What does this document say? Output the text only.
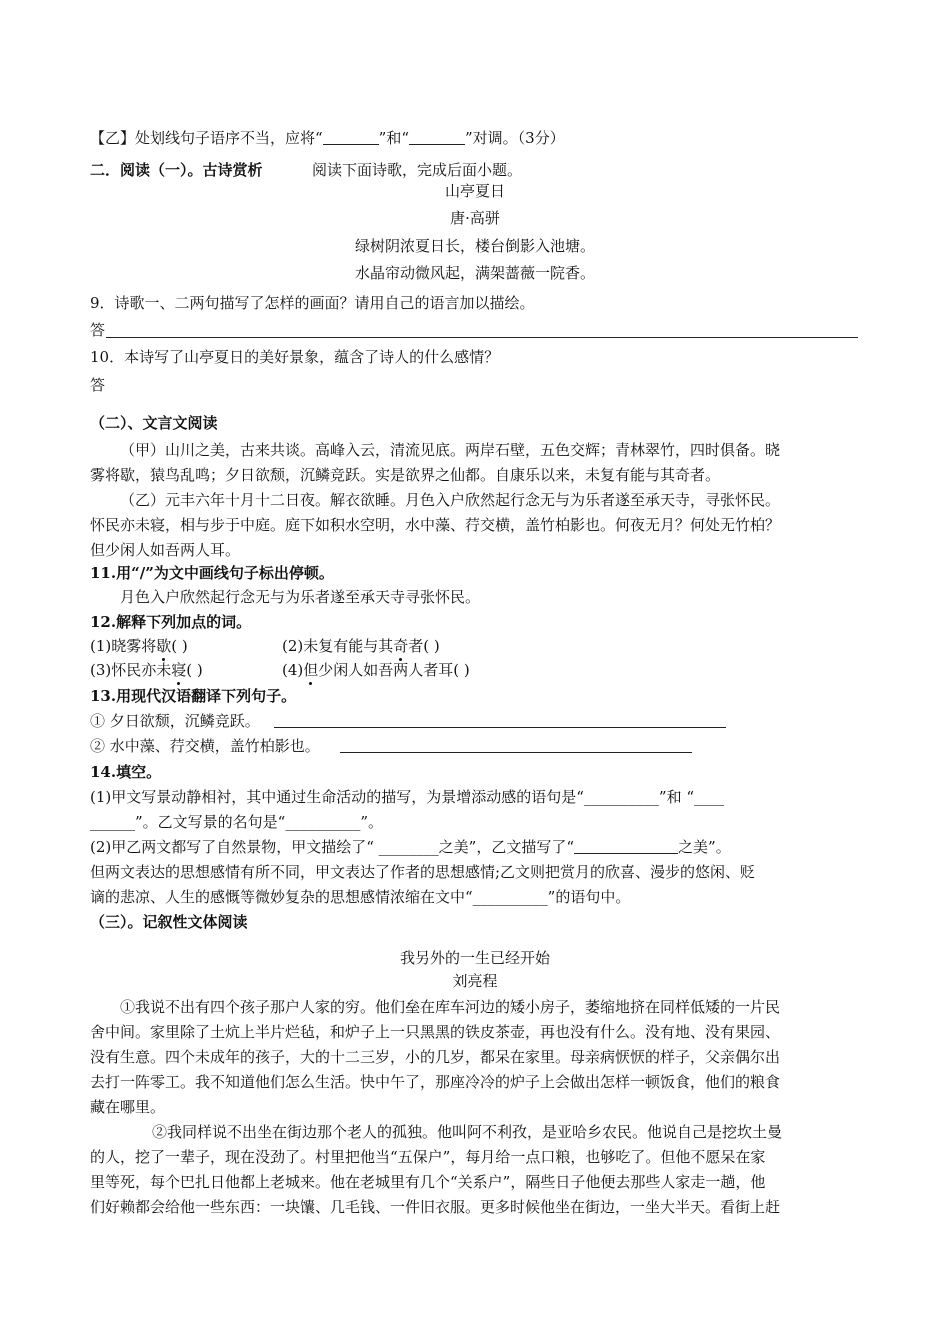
【乙】处划线句子语序不当，应将“	”和“	”对调。（3分）
二．阅读（一）。古诗赏析	阅读下面诗歌，完成后面小题。
山亭夏日
唐·高骈
绿树阴浓夏日长，楼台倒影入池塘。
水晶帘动微风起，满架蔷薇一院香。
9．诗歌一、二两句描写了怎样的画面？请用自己的语言加以描绘。
答
10．本诗写了山亭夏日的美好景象，蕴含了诗人的什么感情？
答
（二）、文言文阅读
（甲）山川之美，古来共谈。高峰入云，清流见底。两岸石壁，五色交辉；青林翠竹，四时俱备。晓
雾将歇，猿鸟乱鸣；夕日欲颓，沉鳞竞跃。实是欲界之仙都。自康乐以来，未复有能与其奇者。
（乙）元丰六年十月十二日夜。解衣欲睡。月色入户欣然起行念无与为乐者遂至承天寺，寻张怀民。
怀民亦未寝，相与步于中庭。庭下如积水空明，水中藻、荇交横，盖竹柏影也。何夜无月？何处无竹柏？
但少闲人如吾两人耳。
11.用“/”为文中画线句子标出停顿。
月色入户欣然起行念无与为乐者遂至承天寺寻张怀民。
12.解释下列加点的词。
(1)晓雾将歇( )	(2)未复有能与其奇者( )
(3)怀民亦未寝( )	(4)但少闲人如吾两人者耳( )
13.用现代汉语翻译下列句子。
① 夕日欲颓，沉鳞竞跃。
② 水中藻、荇交横，盖竹柏影也。
14.填空。
(1)甲文写景动静相衬，其中通过生命活动的描写，为景增添动感的语句是“__________”和 “____
______”。乙文写景的名句是“__________”。
(2)甲乙两文都写了自然景物，甲文描绘了“ ________之美”，乙文描写了“	之美”。
但两文表达的思想感情有所不同，甲文表达了作者的思想感情;乙文则把赏月的欣喜、漫步的悠闲、贬
谪的悲凉、人生的感慨等微妙复杂的思想感情浓缩在文中“__________”的语句中。
（三）。记叙性文体阅读
我另外的一生已经开始
刘亮程
①我说不出有四个孩子那户人家的穷。他们垒在库车河边的矮小房子，萎缩地挤在同样低矮的一片民
舍中间。家里除了土炕上半片烂毡，和炉子上一只黑黑的铁皮茶壶，再也没有什么。没有地、没有果园、
没有生意。四个未成年的孩子，大的十二三岁，小的几岁，都呆在家里。母亲病恹恹的样子，父亲偶尔出
去打一阵零工。我不知道他们怎么生活。快中午了，那座冷冷的炉子上会做出怎样一顿饭食，他们的粮食
藏在哪里。
②我同样说不出坐在街边那个老人的孤独。他叫阿不利孜，是亚哈乡农民。他说自己是挖坎土曼
的人，挖了一辈子，现在没劲了。村里把他当“五保户”，每月给一点口粮，也够吃了。但他不愿呆在家
里等死，每个巴扎日他都上老城来。他在老城里有几个“关系户”，隔些日子他便去那些人家走一趟，他
们好赖都会给他一些东西：一块馕、几毛钱、一件旧衣服。更多时候他坐在街边，一坐大半天。看街上赶
